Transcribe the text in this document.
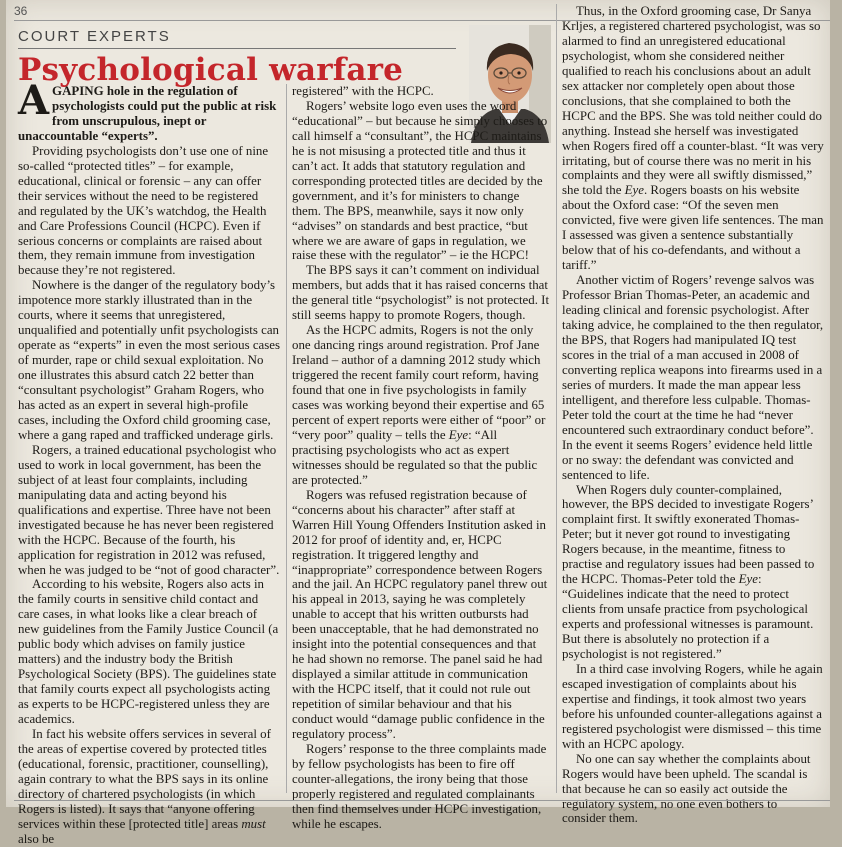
36
COURT EXPERTS
Psychological warfare

AGAPING hole in the regulation of psychologists could put the public at risk from unscrupulous, inept or unaccountable “experts”.

Providing psychologists don’t use one of nine so-called “protected titles” – for example, educational, clinical or forensic – any can offer their services without the need to be registered and regulated by the UK’s watchdog, the Health and Care Professions Council (HCPC). Even if serious concerns or complaints are raised about them, they remain immune from investigation because they’re not registered.

Nowhere is the danger of the regulatory body’s impotence more starkly illustrated than in the courts, where it seems that unregistered, unqualified and potentially unfit psychologists can operate as “experts” in even the most serious cases of murder, rape or child sexual exploitation. No one illustrates this absurd catch 22 better than “consultant psychologist” Graham Rogers, who has acted as an expert in several high-profile cases, including the Oxford child grooming case, where a gang raped and trafficked underage girls.

Rogers, a trained educational psychologist who used to work in local government, has been the subject of at least four complaints, including manipulating data and acting beyond his qualifications and expertise. Three have not been investigated because he has never been registered with the HCPC. Because of the fourth, his application for registration in 2012 was refused, when he was judged to be “not of good character”.

According to his website, Rogers also acts in the family courts in sensitive child contact and care cases, in what looks like a clear breach of new guidelines from the Family Justice Council (a public body which advises on family justice matters) and the industry body the British Psychological Society (BPS). The guidelines state that family courts expect all psychologists acting as experts to be HCPC-registered unless they are academics.

In fact his website offers services in several of the areas of expertise covered by protected titles (educational, forensic, practitioner, counselling), again contrary to what the BPS says in its online directory of chartered psychologists (in which Rogers is listed). It says that “anyone offering services within these [protected title] areas must also be

registered” with the HCPC.

Rogers’ website logo even uses the word “educational” – but because he simply chooses to call himself a “consultant”, the HCPC maintains he is not misusing a protected title and thus it can’t act. It adds that statutory regulation and corresponding protected titles are decided by the government, and it’s for ministers to change them. The BPS, meanwhile, says it now only “advises” on standards and best practice, “but where we are aware of gaps in regulation, we raise these with the regulator” – ie the HCPC!

The BPS says it can’t comment on individual members, but adds that it has raised concerns that the general title “psychologist” is not protected. It still seems happy to promote Rogers, though.

As the HCPC admits, Rogers is not the only one dancing rings around registration. Prof Jane Ireland – author of a damning 2012 study which triggered the recent family court reform, having found that one in five psychologists in family cases was working beyond their expertise and 65 percent of expert reports were either of “poor” or “very poor” quality – tells the Eye: “All practising psychologists who act as expert witnesses should be regulated so that the public are protected.”

Rogers was refused registration because of “concerns about his character” after staff at Warren Hill Young Offenders Institution asked in 2012 for proof of identity and, er, HCPC registration. It triggered lengthy and “inappropriate” correspondence between Rogers and the jail. An HCPC regulatory panel threw out his appeal in 2013, saying he was completely unable to accept that his written outbursts had been unacceptable, that he had demonstrated no insight into the potential consequences and that he had shown no remorse. The panel said he had displayed a similar attitude in communication with the HCPC itself, that it could not rule out repetition of similar behaviour and that his conduct would “damage public confidence in the regulatory process”.

Rogers’ response to the three complaints made by fellow psychologists has been to fire off counter-allegations, the irony being that those properly registered and regulated complainants then find themselves under HCPC investigation, while he escapes.

Thus, in the Oxford grooming case, Dr Sanya Krljes, a registered chartered psychologist, was so alarmed to find an unregistered educational psychologist, whom she considered neither qualified to reach his conclusions about an adult sex attacker nor completely open about those conclusions, that she complained to both the HCPC and the BPS. She was told neither could do anything. Instead she herself was investigated when Rogers fired off a counter-blast. “It was very irritating, but of course there was no merit in his complaints and they were all swiftly dismissed,” she told the Eye. Rogers boasts on his website about the Oxford case: “Of the seven men convicted, five were given life sentences. The man I assessed was given a sentence substantially below that of his co-defendants, and without a tariff.”

Another victim of Rogers’ revenge salvos was Professor Brian Thomas-Peter, an academic and leading clinical and forensic psychologist. After taking advice, he complained to the then regulator, the BPS, that Rogers had manipulated IQ test scores in the trial of a man accused in 2008 of converting replica weapons into firearms used in a series of murders. It made the man appear less intelligent, and therefore less culpable. Thomas-Peter told the court at the time he had “never encountered such extraordinary conduct before”. In the event it seems Rogers’ evidence held little or no sway: the defendant was convicted and sentenced to life.

When Rogers duly counter-complained, however, the BPS decided to investigate Rogers’ complaint first. It swiftly exonerated Thomas-Peter; but it never got round to investigating Rogers because, in the meantime, fitness to practise and regulatory issues had been passed to the HCPC. Thomas-Peter told the Eye: “Guidelines indicate that the need to protect clients from unsafe practice from psychological experts and professional witnesses is paramount. But there is absolutely no protection if a psychologist is not registered.”

In a third case involving Rogers, while he again escaped investigation of complaints about his expertise and findings, it took almost two years before his unfounded counter-allegations against a registered psychologist were dismissed – this time with an HCPC apology.

No one can say whether the complaints about Rogers would have been upheld. The scandal is that because he can so easily act outside the regulatory system, no one even bothers to consider them.
